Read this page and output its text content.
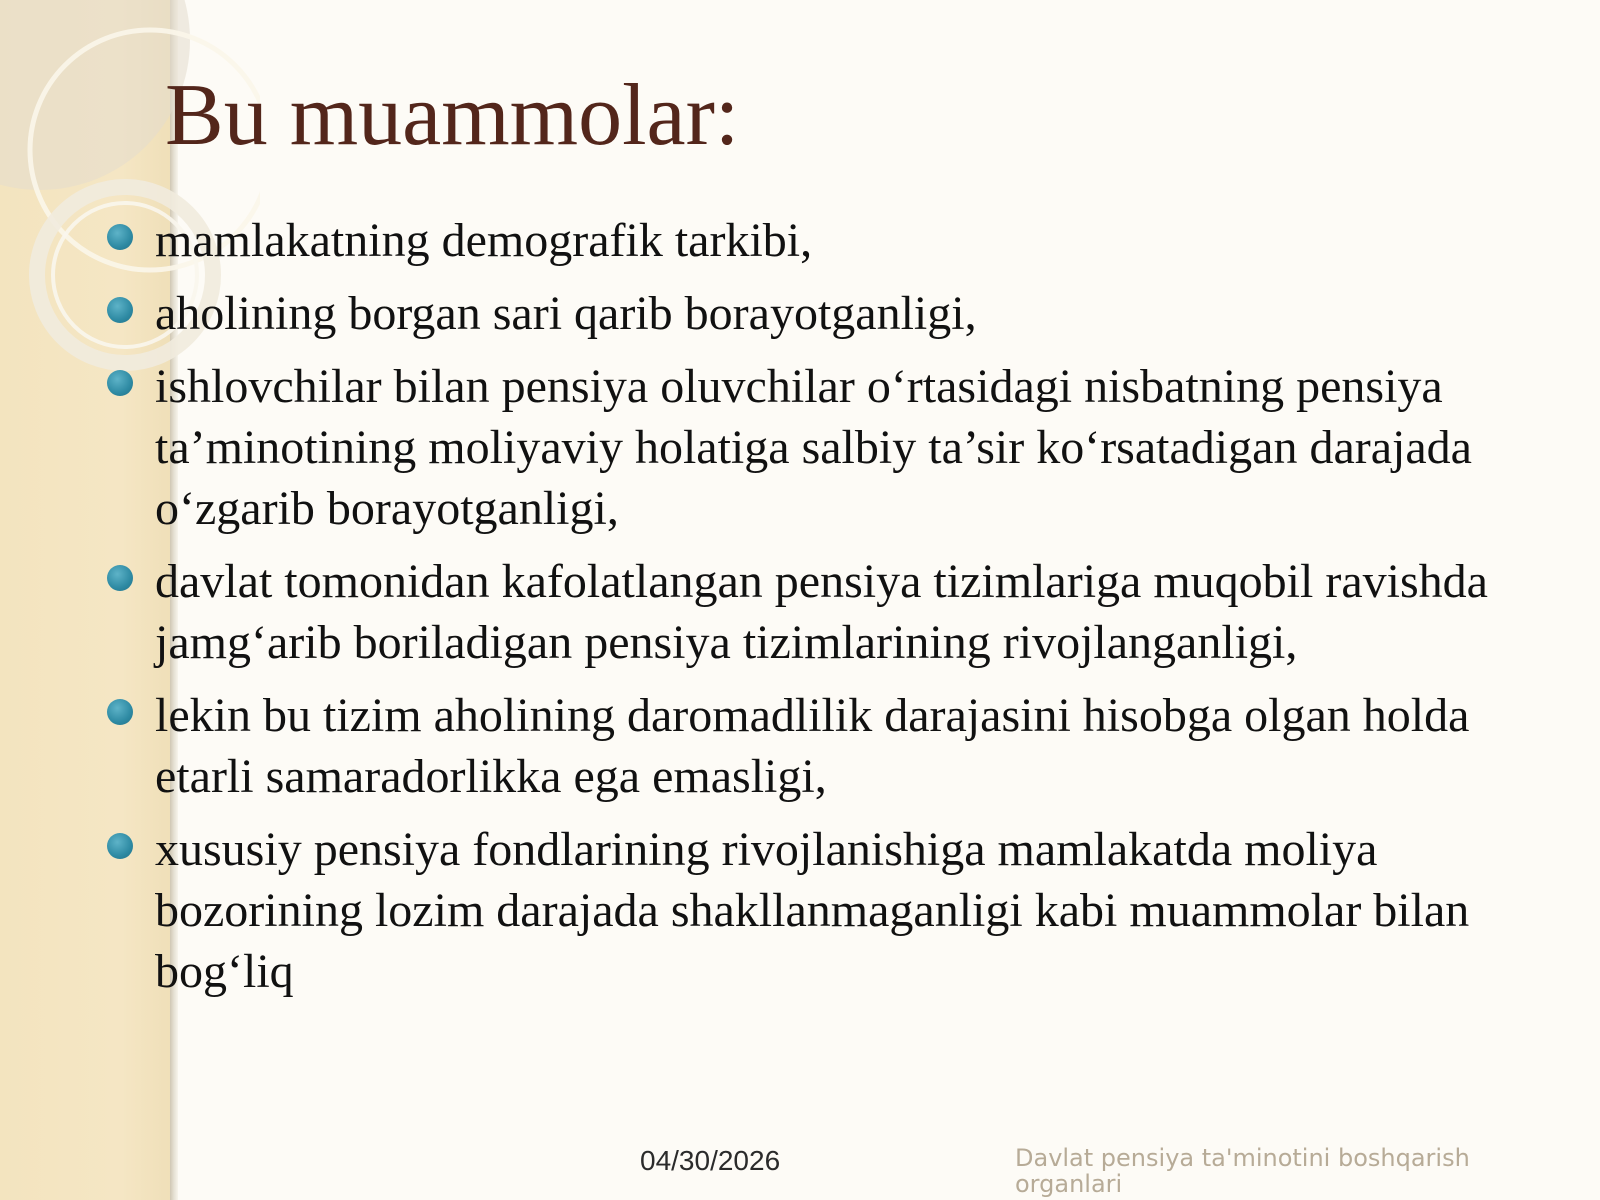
Bu muammolar:
mamlakatning demografik tarkibi,
aholining borgan sari qarib borayotganligi,
ishlovchilar bilan pensiya oluvchilar o‘rtasidagi nisbatning pensiya ta’minotining moliyaviy holatiga salbiy ta’sir ko‘rsatadigan darajada o‘zgarib borayotganligi,
davlat tomonidan kafolatlangan pensiya tizimlariga muqobil ravishda jamg‘arib boriladigan pensiya tizimlarining rivojlanganligi,
lekin bu tizim aholining daromadlilik darajasini hisobga olgan holda etarli samaradorlikka ega emasligi,
xususiy pensiya fondlarining rivojlanishiga mamlakatda moliya bozorining lozim darajada shakllanmaganligi kabi muammolar bilan bog‘liq
04/30/2026	Davlat pensiya ta'minotini boshqarish organlari
